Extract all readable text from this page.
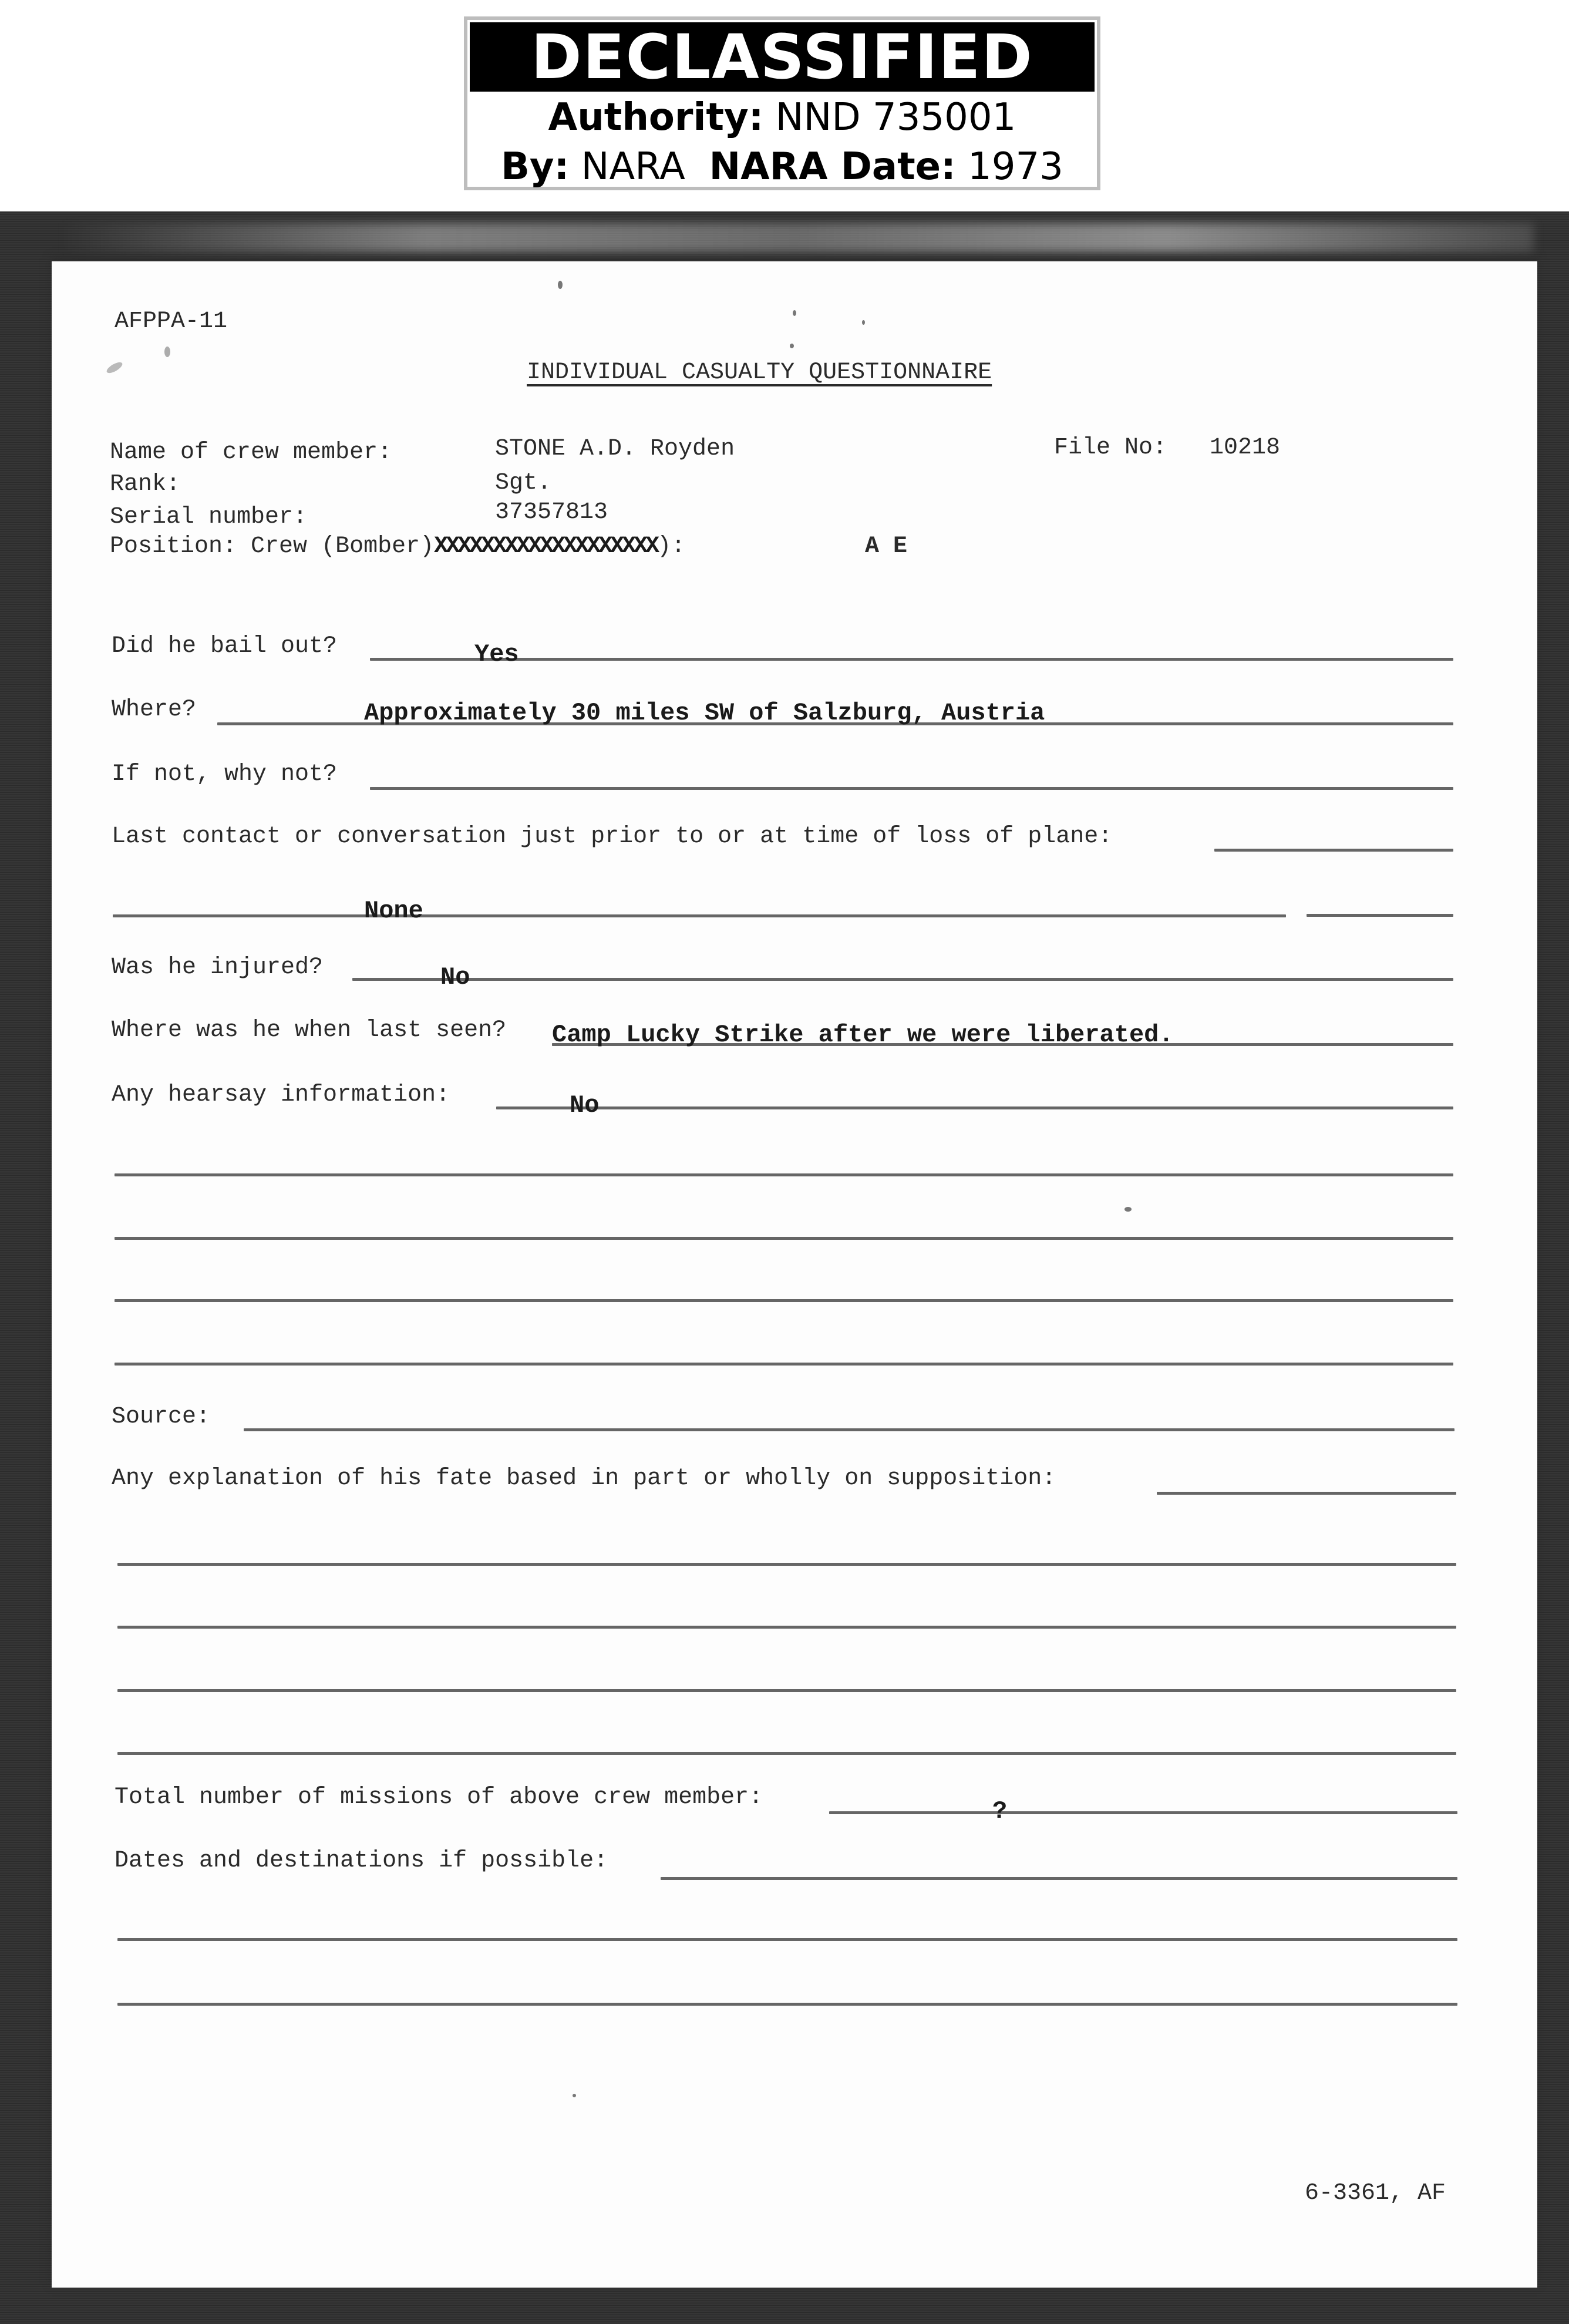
DECLASSIFIED
Authority: NND 735001
By: NARA NARA Date: 1973
AFPPA-11
INDIVIDUAL CASUALTY QUESTIONNAIRE
Name of crew member:	STONE A.D. Royden	File No: 10218
Rank:	Sgt.
Serial number:	37357813
Position: Crew (Bomber)XXXXXXXXXXXXXXXXXXX):	A E
Did he bail out?	Yes
Where?	Approximately 30 miles SW of Salzburg, Austria
If not, why not?
Last contact or conversation just prior to or at time of loss of plane:
None
Was he injured?	No
Where was he when last seen? Camp Lucky Strike after we were liberated.
Any hearsay information:	No
Source:
Any explanation of his fate based in part or wholly on supposition:
Total number of missions of above crew member:	?
Dates and destinations if possible:
6-3361, AF
